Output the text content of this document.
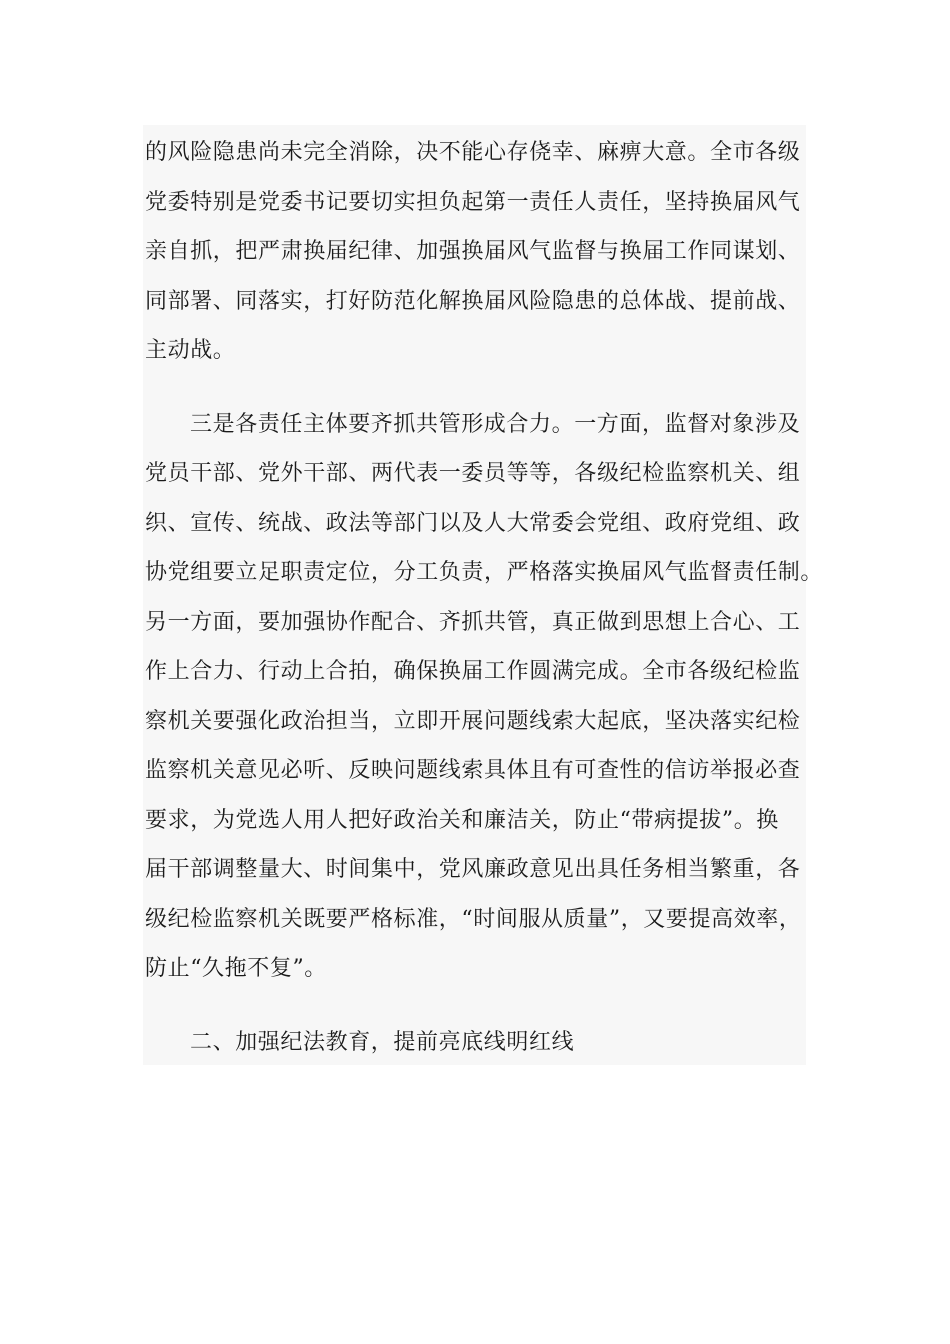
的风险隐患尚未完全消除，决不能心存侥幸、麻痹大意。全市各级
党委特别是党委书记要切实担负起第一责任人责任，坚持换届风气
亲自抓，把严肃换届纪律、加强换届风气监督与换届工作同谋划、
同部署、同落实，打好防范化解换届风险隐患的总体战、提前战、
主动战。
三是各责任主体要齐抓共管形成合力。一方面，监督对象涉及
党员干部、党外干部、两代表一委员等等，各级纪检监察机关、组
织、宣传、统战、政法等部门以及人大常委会党组、政府党组、政
协党组要立足职责定位，分工负责，严格落实换届风气监督责任制。
另一方面，要加强协作配合、齐抓共管，真正做到思想上合心、工
作上合力、行动上合拍，确保换届工作圆满完成。全市各级纪检监
察机关要强化政治担当，立即开展问题线索大起底，坚决落实纪检
监察机关意见必听、反映问题线索具体且有可查性的信访举报必查
要求，为党选人用人把好政治关和廉洁关，防止“带病提拔”。换
届干部调整量大、时间集中，党风廉政意见出具任务相当繁重，各
级纪检监察机关既要严格标准，“时间服从质量”，又要提高效率，
防止“久拖不复”。
二、加强纪法教育，提前亮底线明红线
